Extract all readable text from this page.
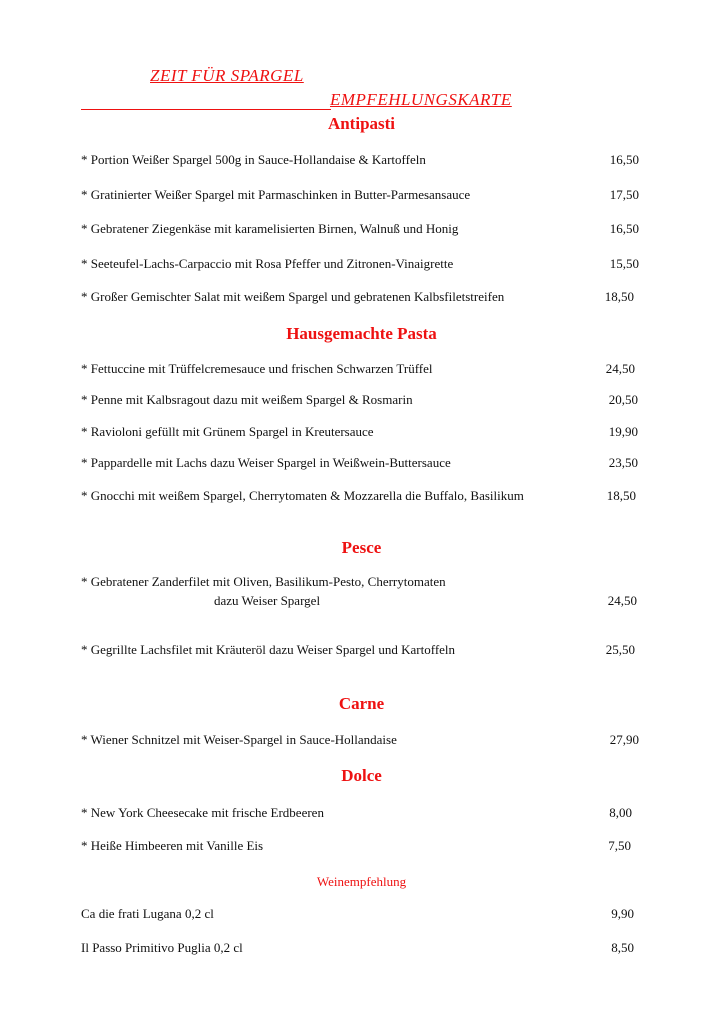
ZEIT FÜR SPARGEL
EMPFEHLUNGSKARTE
Antipasti
* Portion Weißer Spargel 500g in Sauce-Hollandaise & Kartoffeln	16,50
* Gratinierter Weißer Spargel mit Parmaschinken in Butter-Parmesansauce	17,50
* Gebratener Ziegenkäse mit karamelisierten Birnen, Walnuß und Honig	16,50
* Seeteufel-Lachs-Carpaccio mit Rosa Pfeffer und Zitronen-Vinaigrette	15,50
* Großer Gemischter Salat mit weißem Spargel und gebratenen Kalbsfiletstreifen	18,50
Hausgemachte Pasta
* Fettuccine mit Trüffelcremesauce und frischen Schwarzen Trüffel	24,50
* Penne mit Kalbsragout dazu mit weißem Spargel & Rosmarin	20,50
* Ravioloni gefüllt mit Grünem Spargel in Kreutersauce	19,90
* Pappardelle mit Lachs dazu Weiser Spargel in Weißwein-Buttersauce	23,50
* Gnocchi mit weißem Spargel, Cherrytomaten & Mozzarella die Buffalo, Basilikum	18,50
Pesce
* Gebratener Zanderfilet mit Oliven, Basilikum-Pesto, Cherrytomaten
dazu Weiser Spargel	24,50
* Gegrillte Lachsfilet mit Kräuteröl dazu Weiser Spargel und Kartoffeln	25,50
Carne
* Wiener Schnitzel mit Weiser-Spargel in Sauce-Hollandaise	27,90
Dolce
* New York Cheesecake mit frische Erdbeeren	8,00
* Heiße Himbeeren mit Vanille Eis	7,50
Weinempfehlung
Ca die frati Lugana 0,2 cl	9,90
Il Passo Primitivo Puglia 0,2 cl	8,50
